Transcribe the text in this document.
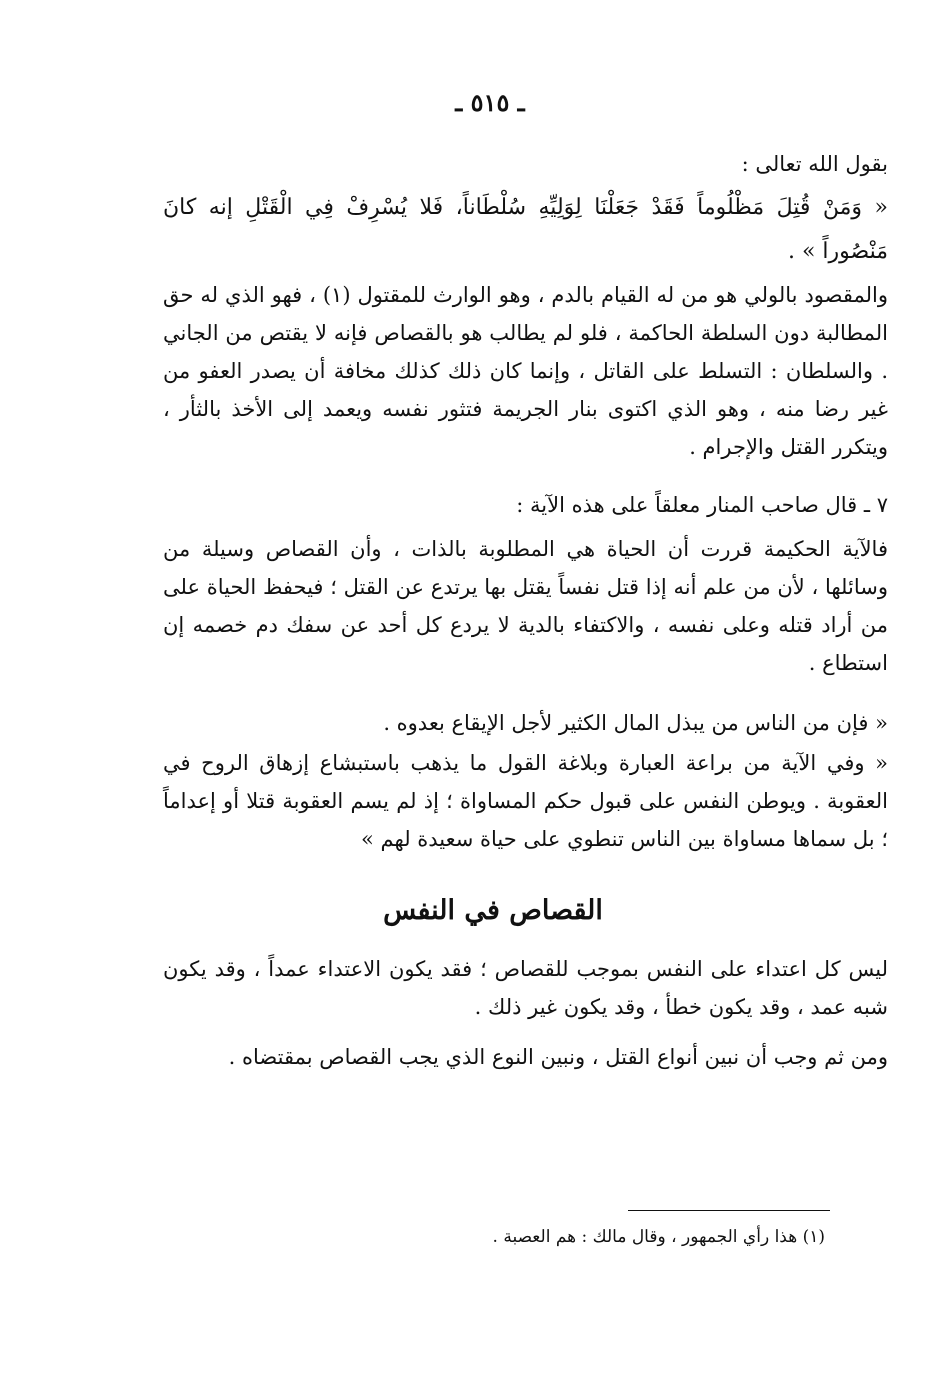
ـ ٥١٥ ـ
بقول الله تعالى :
« وَمَنْ قُتِلَ مَظْلُوماً فَقَدْ جَعَلْنَا لِوَلِيِّهِ سُلْطَاناً، فَلا يُسْرِفْ فِي الْقَتْلِ إنه كانَ مَنْصُوراً » .
والمقصود بالولي هو من له القيام بالدم ، وهو الوارث للمقتول (١) ، فهو الذي له حق المطالبة دون السلطة الحاكمة ، فلو لم يطالب هو بالقصاص فإنه لا يقتص من الجاني . والسلطان : التسلط على القاتل ، وإنما كان ذلك كذلك مخافة أن يصدر العفو من غير رضا منه ، وهو الذي اكتوى بنار الجريمة فتثور نفسه ويعمد إلى الأخذ بالثأر ، ويتكرر القتل والإجرام .
٧ ـ قال صاحب المنار معلقاً على هذه الآية :
فالآية الحكيمة قررت أن الحياة هي المطلوبة بالذات ، وأن القصاص وسيلة من وسائلها ، لأن من علم أنه إذا قتل نفساً يقتل بها يرتدع عن القتل ؛ فيحفظ الحياة على من أراد قتله وعلى نفسه ، والاكتفاء بالدية لا يردع كل أحد عن سفك دم خصمه إن استطاع .
« فإن من الناس من يبذل المال الكثير لأجل الإيقاع بعدوه .
« وفي الآية من براعة العبارة وبلاغة القول ما يذهب باستبشاع إزهاق الروح في العقوبة . ويوطن النفس على قبول حكم المساواة ؛ إذ لم يسم العقوبة قتلا أو إعداماً ؛ بل سماها مساواة بين الناس تنطوي على حياة سعيدة لهم »
القصاص في النفس
ليس كل اعتداء على النفس بموجب للقصاص ؛ فقد يكون الاعتداء عمداً ، وقد يكون شبه عمد ، وقد يكون خطأ ، وقد يكون غير ذلك .
ومن ثم وجب أن نبين أنواع القتل ، ونبين النوع الذي يجب القصاص بمقتضاه .
(١) هذا رأي الجمهور ، وقال مالك : هم العصبة .
